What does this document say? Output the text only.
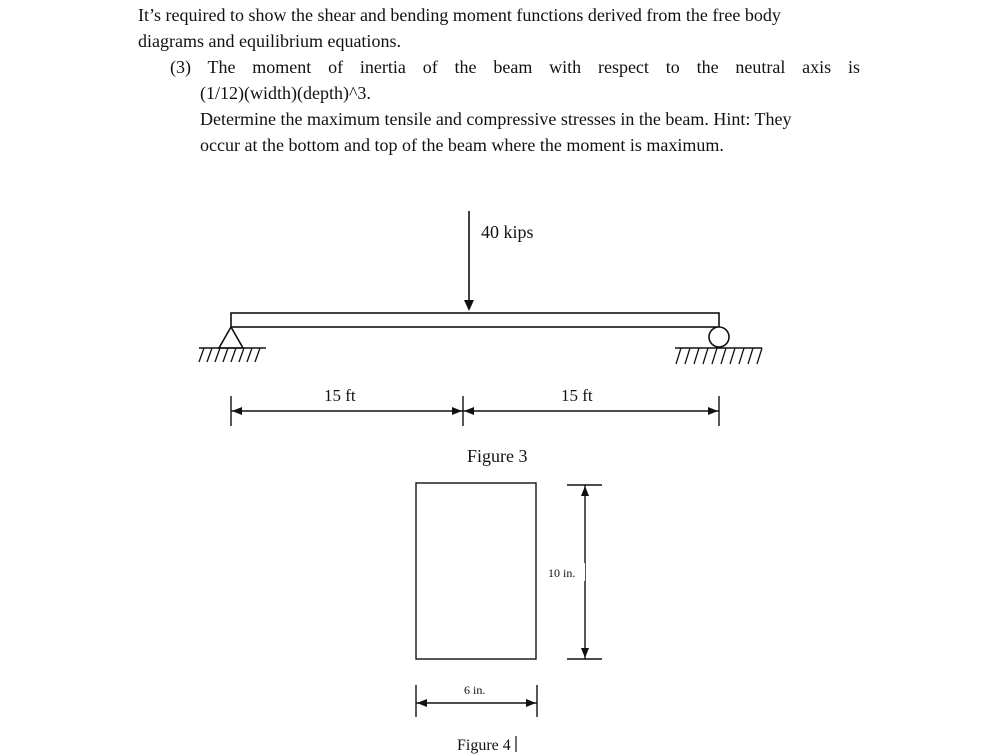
It’s required to show the shear and bending moment functions derived from the free body
diagrams and equilibrium equations.
(3) The moment of inertia of the beam with respect to the neutral axis is
(1/12)(width)(depth)^3.
Determine the maximum tensile and compressive stresses in the beam. Hint: They
occur at the bottom and top of the beam where the moment is maximum.
40 kips
15 ft	15 ft
Figure 3
10 in.
6 in.
Figure 4
